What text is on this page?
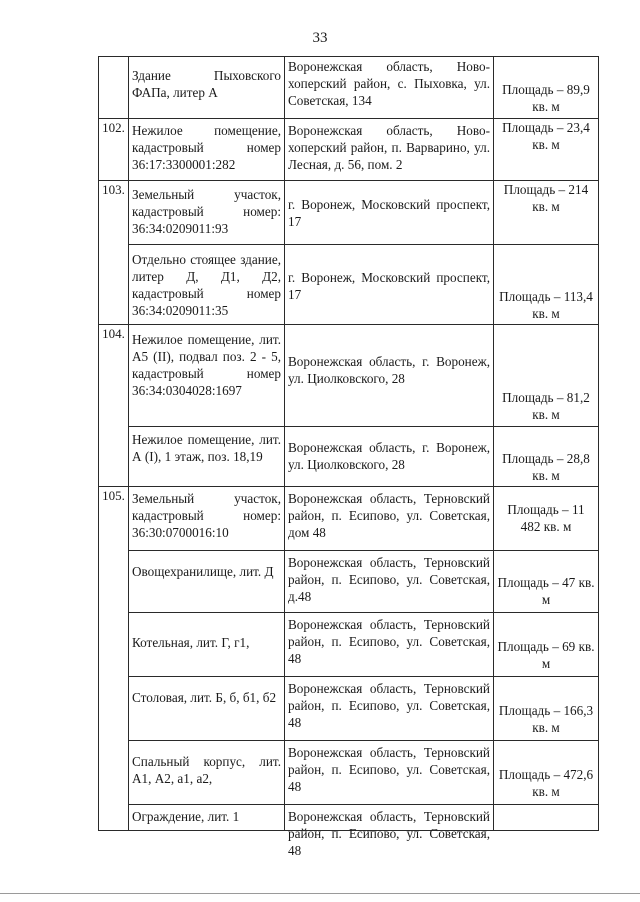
33
	Здание Пыховского ФАПа, литер А	Воронежская область, Новохоперский район, с. Пыховка, ул. Советская, 134	Площадь – 89,9 кв. м
102.	Нежилое помещение, кадастровый номер 36:17:3300001:282	Воронежская область, Новохоперский район, п. Варварино, ул. Лесная, д. 56, пом. 2	Площадь – 23,4 кв. м
103.	Земельный участок, кадастровый номер: 36:34:0209011:93	г. Воронеж, Московский проспект, 17	Площадь – 214 кв. м
	Отдельно стоящее здание, литер Д, Д1, Д2, кадастровый номер 36:34:0209011:35	г. Воронеж, Московский проспект, 17	Площадь – 113,4 кв. м
104.	Нежилое помещение, лит. А5 (II), подвал поз. 2 - 5, кадастровый номер 36:34:0304028:1697	Воронежская область, г. Воронеж, ул. Циолковского, 28	Площадь – 81,2 кв. м
	Нежилое помещение, лит. А (I), 1 этаж, поз. 18,19	Воронежская область, г. Воронеж, ул. Циолковского, 28	Площадь – 28,8 кв. м
105.	Земельный участок, кадастровый номер: 36:30:0700016:10	Воронежская область, Терновский район, п. Есипово, ул. Советская, дом 48	Площадь – 11 482 кв. м
	Овощехранилище, лит. Д	Воронежская область, Терновский район, п. Есипово, ул. Советская, д.48	Площадь – 47 кв. м
	Котельная, лит. Г, г1,	Воронежская область, Терновский район, п. Есипово, ул. Советская, 48	Площадь – 69 кв. м
	Столовая, лит. Б, б, б1, б2	Воронежская область, Терновский район, п. Есипово, ул. Советская, 48	Площадь – 166,3 кв. м
	Спальный корпус, лит. А1, А2, а1, а2,	Воронежская область, Терновский район, п. Есипово, ул. Советская, 48	Площадь – 472,6 кв. м
	Ограждение, лит. 1	Воронежская область, Терновский район, п. Есипово, ул. Советская, 48	
